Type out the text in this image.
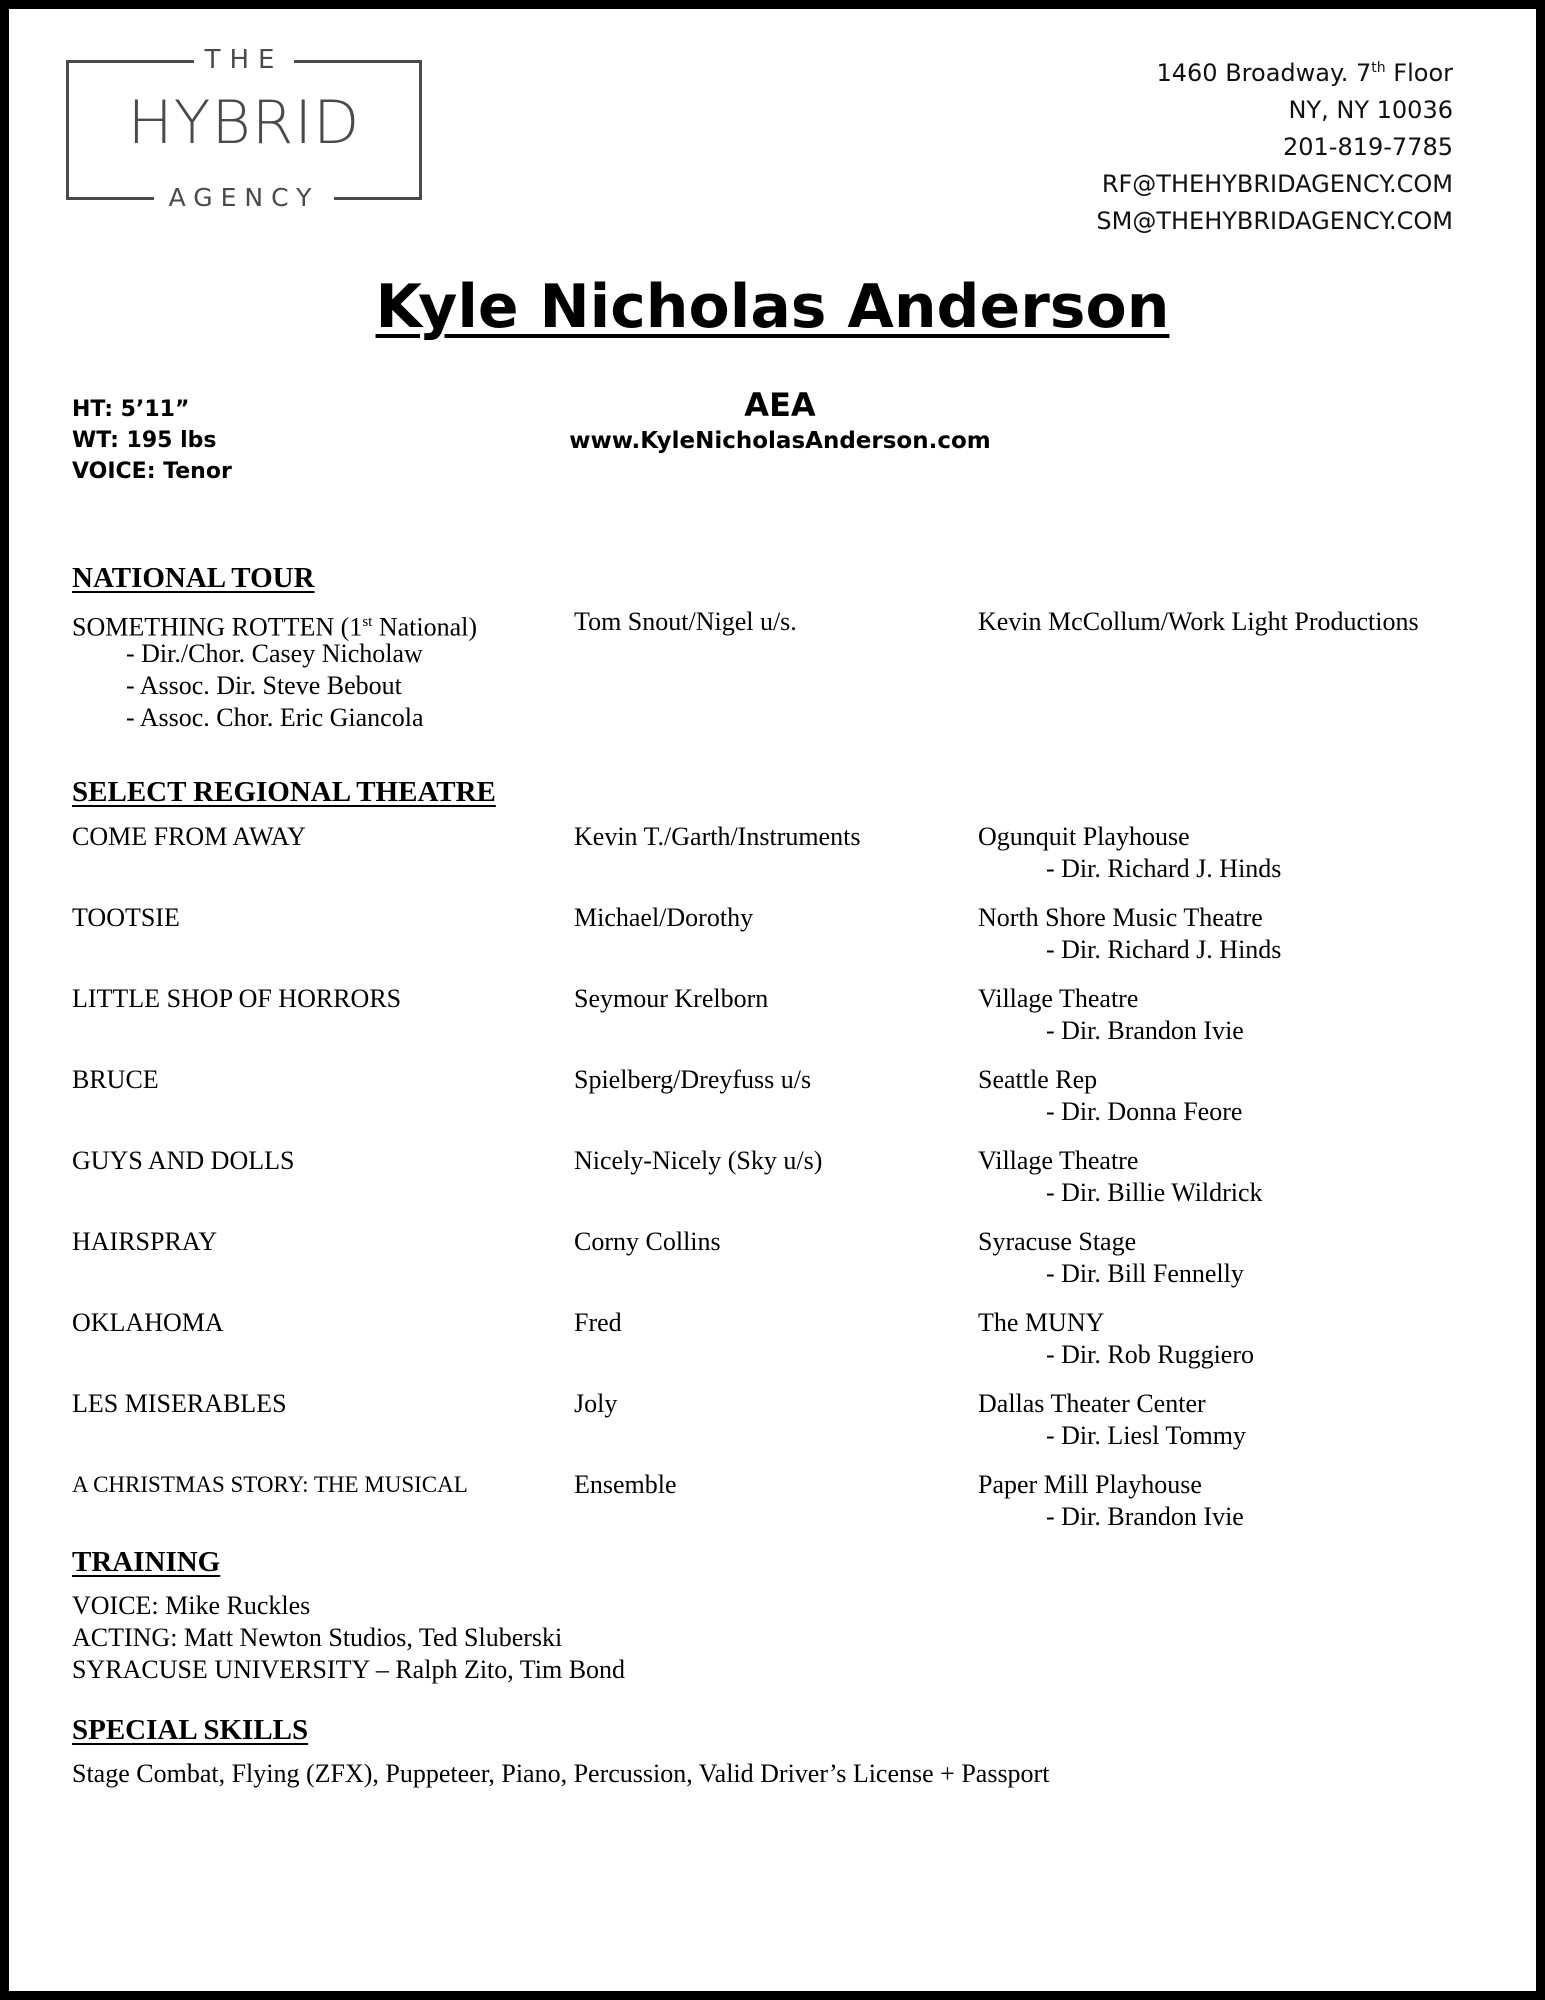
THE
HYBRID
AGENCY
1460 Broadway. 7th Floor
NY, NY 10036
201-819-7785
RF@THEHYBRIDAGENCY.COM
SM@THEHYBRIDAGENCY.COM
Kyle Nicholas Anderson
HT: 5’11”
WT: 195 lbs
VOICE: Tenor
AEA
www.KyleNicholasAnderson.com
NATIONAL TOUR
SOMETHING ROTTEN (1st National)	Tom Snout/Nigel u/s.	Kevin McCollum/Work Light Productions
- Dir./Chor. Casey Nicholaw
- Assoc. Dir. Steve Bebout
- Assoc. Chor. Eric Giancola
SELECT REGIONAL THEATRE
COME FROM AWAY	Kevin T./Garth/Instruments	Ogunquit Playhouse
- Dir. Richard J. Hinds
TOOTSIE	Michael/Dorothy	North Shore Music Theatre
- Dir. Richard J. Hinds
LITTLE SHOP OF HORRORS	Seymour Krelborn	Village Theatre
- Dir. Brandon Ivie
BRUCE	Spielberg/Dreyfuss u/s	Seattle Rep
- Dir. Donna Feore
GUYS AND DOLLS	Nicely-Nicely (Sky u/s)	Village Theatre
- Dir. Billie Wildrick
HAIRSPRAY	Corny Collins	Syracuse Stage
- Dir. Bill Fennelly
OKLAHOMA	Fred	The MUNY
- Dir. Rob Ruggiero
LES MISERABLES	Joly	Dallas Theater Center
- Dir. Liesl Tommy
A CHRISTMAS STORY: THE MUSICAL	Ensemble	Paper Mill Playhouse
- Dir. Brandon Ivie
TRAINING
VOICE: Mike Ruckles
ACTING: Matt Newton Studios, Ted Sluberski
SYRACUSE UNIVERSITY – Ralph Zito, Tim Bond
SPECIAL SKILLS
Stage Combat, Flying (ZFX), Puppeteer, Piano, Percussion, Valid Driver’s License + Passport
